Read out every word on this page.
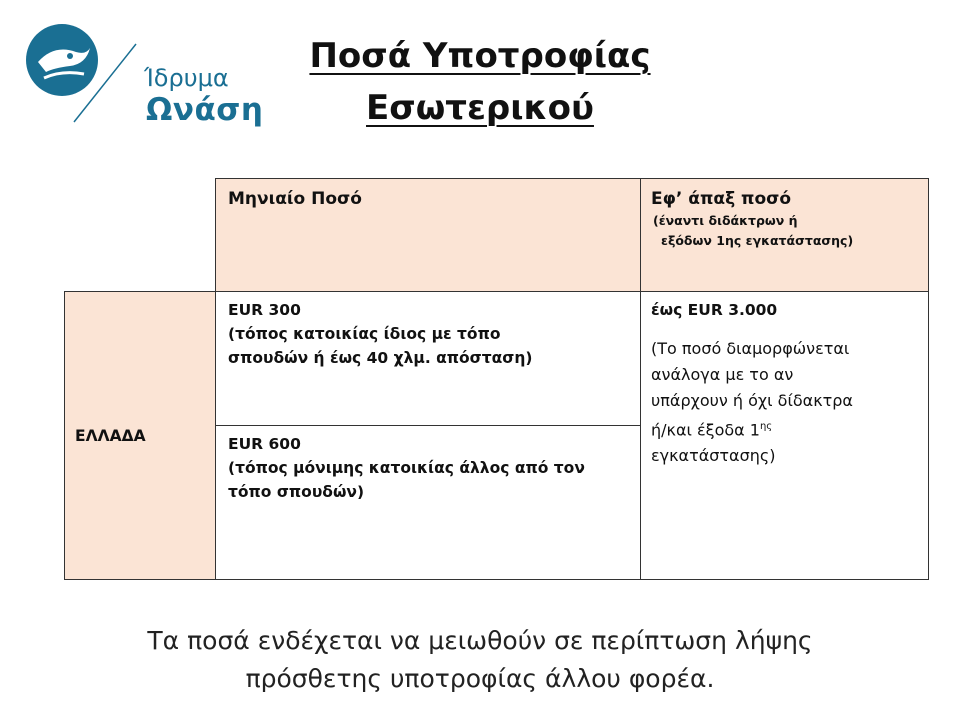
Ίδρυμα
Ωνάση
Ποσά Υποτροφίας
Εσωτερικού
Μηνιαίο Ποσό	Εφ’ άπαξ ποσό
(έναντι διδάκτρων ή
εξόδων 1ης εγκατάστασης)
ΕΛΛΑΔΑ
EUR 300
(τόπος κατοικίας ίδιος με τόπο
σπουδών ή έως 40 χλμ. απόσταση)
EUR 600
(τόπος μόνιμης κατοικίας άλλος από τον
τόπο σπουδών)
έως EUR 3.000
(Το ποσό διαμορφώνεται
ανάλογα με το αν
υπάρχουν ή όχι δίδακτρα
ή/και έξοδα $1^{\eta\varsigma}$
εγκατάστασης)
Τα ποσά ενδέχεται να μειωθούν σε περίπτωση λήψης
πρόσθετης υποτροφίας άλλου φορέα.
